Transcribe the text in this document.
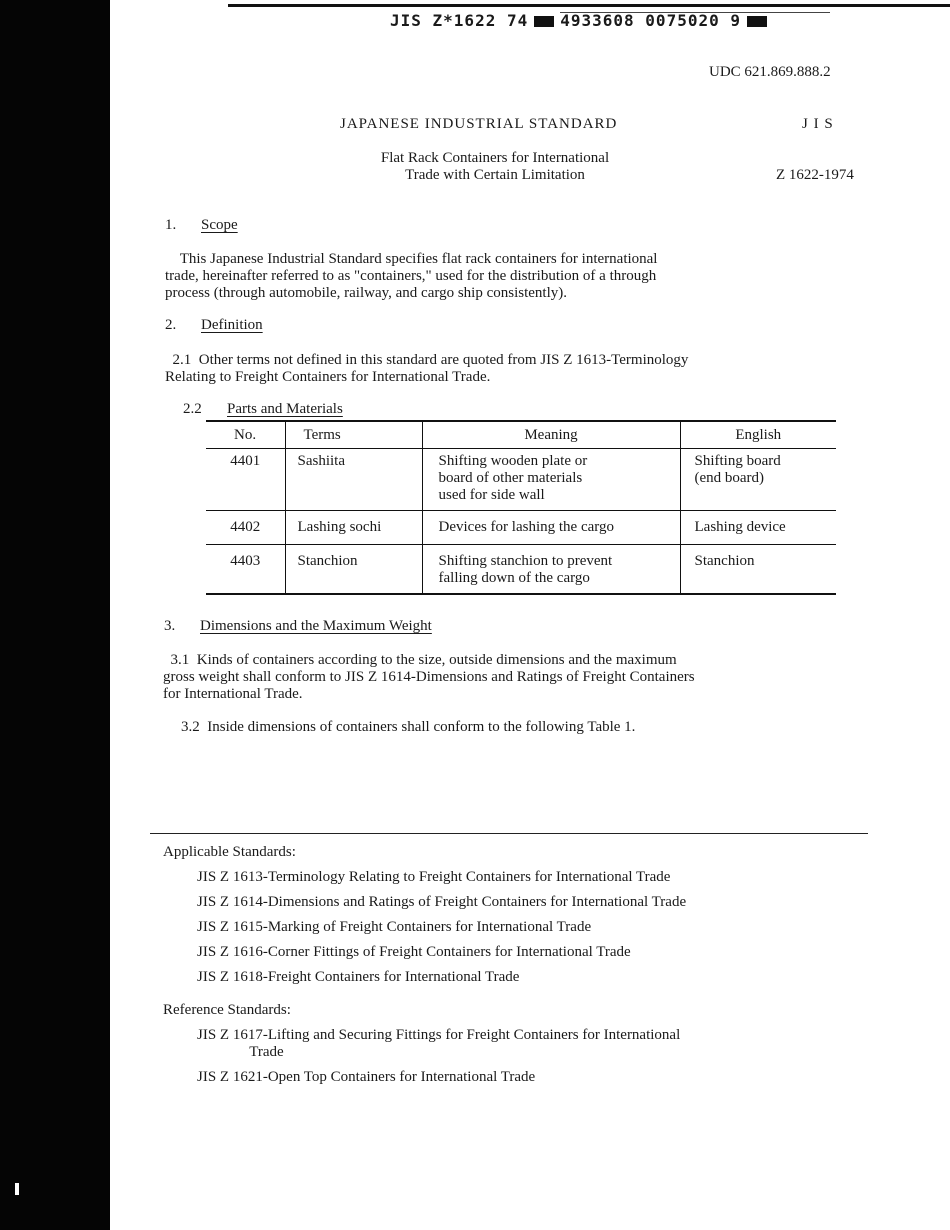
JIS Z*1622 74 4933608 0075020 9
UDC 621.869.888.2
JAPANESE INDUSTRIAL STANDARD	J I S
Flat Rack Containers for International
Trade with Certain Limitation	Z 1622-1974
1. Scope
This Japanese Industrial Standard specifies flat rack containers for international
trade, hereinafter referred to as "containers," used for the distribution of a through
process (through automobile, railway, and cargo ship consistently).
2. Definition
2.1  Other terms not defined in this standard are quoted from JIS Z 1613-Terminology
Relating to Freight Containers for International Trade.
2.2 Parts and Materials
No.	Terms	Meaning	English
4401	Sashiita	Shifting wooden plate or
board of other materials
used for side wall	Shifting board
(end board)
4402	Lashing sochi	Devices for lashing the cargo	Lashing device
4403	Stanchion	Shifting stanchion to prevent
falling down of the cargo	Stanchion
3. Dimensions and the Maximum Weight
3.1  Kinds of containers according to the size, outside dimensions and the maximum
gross weight shall conform to JIS Z 1614-Dimensions and Ratings of Freight Containers
for International Trade.
3.2  Inside dimensions of containers shall conform to the following Table 1.
Applicable Standards:
JIS Z 1613-Terminology Relating to Freight Containers for International Trade
JIS Z 1614-Dimensions and Ratings of Freight Containers for International Trade
JIS Z 1615-Marking of Freight Containers for International Trade
JIS Z 1616-Corner Fittings of Freight Containers for International Trade
JIS Z 1618-Freight Containers for International Trade
Reference Standards:
JIS Z 1617-Lifting and Securing Fittings for Freight Containers for International
Trade
JIS Z 1621-Open Top Containers for International Trade
